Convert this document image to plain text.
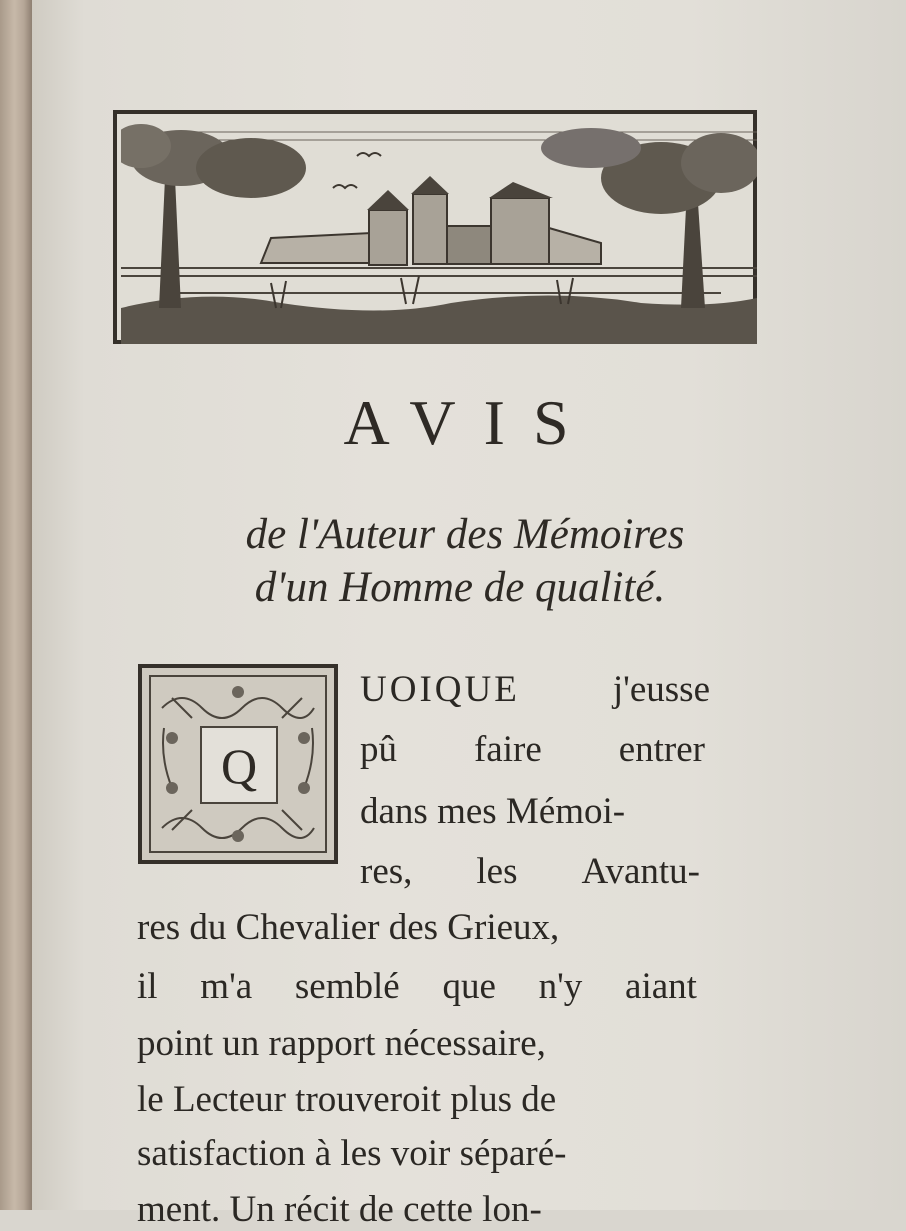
AVIS
de l'Auteur des Mémoires
d'un Homme de qualité.
Q
UOIQUE	j'eusse
pû faire entrer
dans mes Mémoi-
res, les Avantu-
res du Chevalier des Grieux,
il m'a semblé que n'y aiant
point un rapport nécessaire,
le Lecteur trouveroit plus de
satisfaction à les voir séparé-
ment. Un récit de cette lon-
